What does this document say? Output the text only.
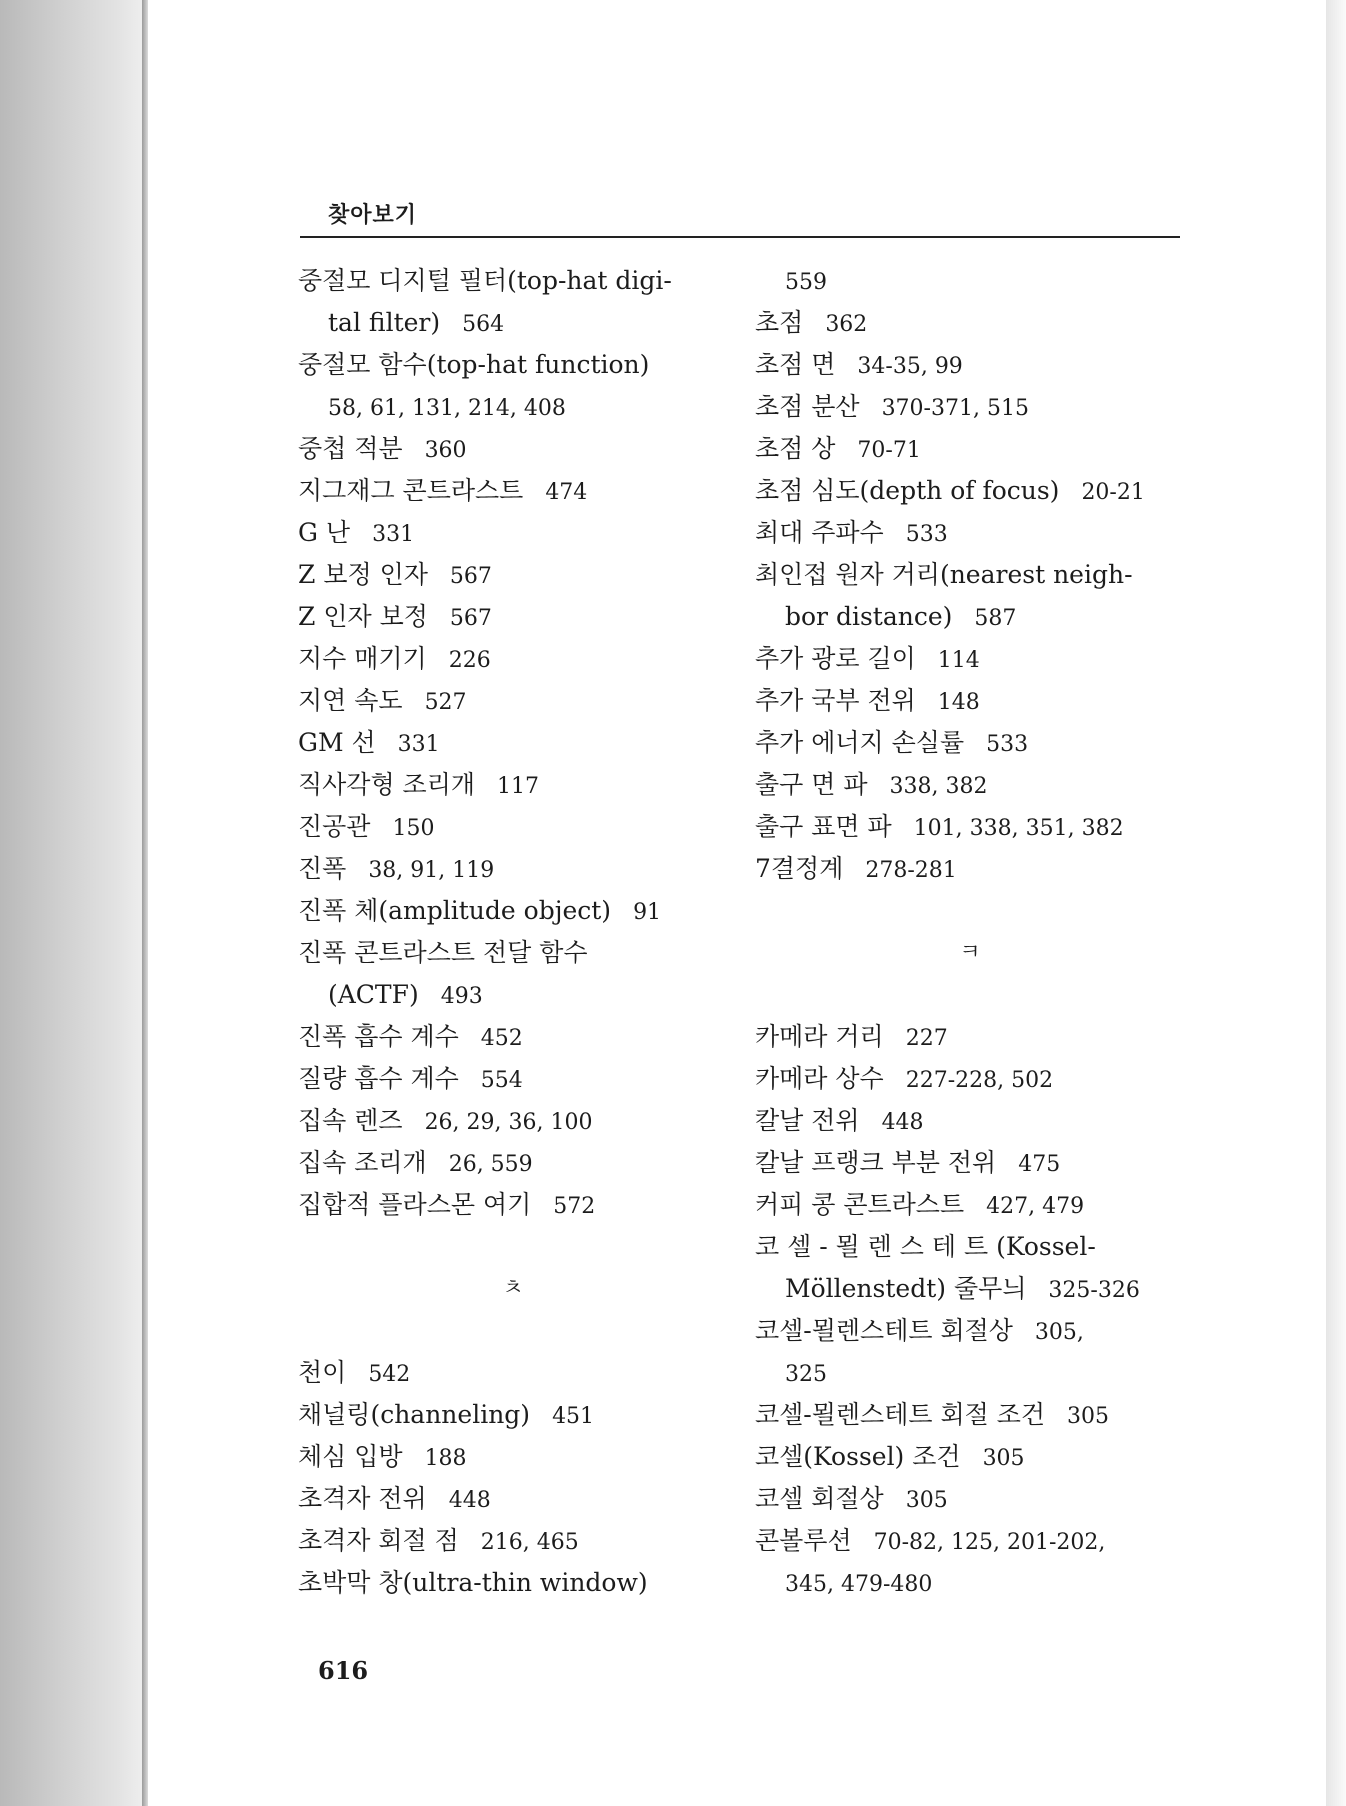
찾아보기
중절모 디지털 필터(top-hat digi-
tal filter) 564
중절모 함수(top-hat function)
58, 61, 131, 214, 408
중첩 적분 360
지그재그 콘트라스트 474
G 난 331
Z 보정 인자 567
Z 인자 보정 567
지수 매기기 226
지연 속도 527
GM 선 331
직사각형 조리개 117
진공관 150
진폭 38, 91, 119
진폭 체(amplitude object) 91
진폭 콘트라스트 전달 함수
(ACTF) 493
진폭 흡수 계수 452
질량 흡수 계수 554
집속 렌즈 26, 29, 36, 100
집속 조리개 26, 559
집합적 플라스몬 여기 572
ㅊ
천이 542
채널링(channeling) 451
체심 입방 188
초격자 전위 448
초격자 회절 점 216, 465
초박막 창(ultra-thin window)
559
초점 362
초점 면 34-35, 99
초점 분산 370-371, 515
초점 상 70-71
초점 심도(depth of focus) 20-21
최대 주파수 533
최인접 원자 거리(nearest neigh-
bor distance) 587
추가 광로 길이 114
추가 국부 전위 148
추가 에너지 손실률 533
출구 면 파 338, 382
출구 표면 파 101, 338, 351, 382
7결정계 278-281
ㅋ
카메라 거리 227
카메라 상수 227-228, 502
칼날 전위 448
칼날 프랭크 부분 전위 475
커피 콩 콘트라스트 427, 479
코 셀 - 묄 렌 스 테 트 (Kossel-
Möllenstedt) 줄무늬 325-326
코셀-묄렌스테트 회절상 305,
325
코셀-묄렌스테트 회절 조건 305
코셀(Kossel) 조건 305
코셀 회절상 305
콘볼루션 70-82, 125, 201-202,
345, 479-480
616
